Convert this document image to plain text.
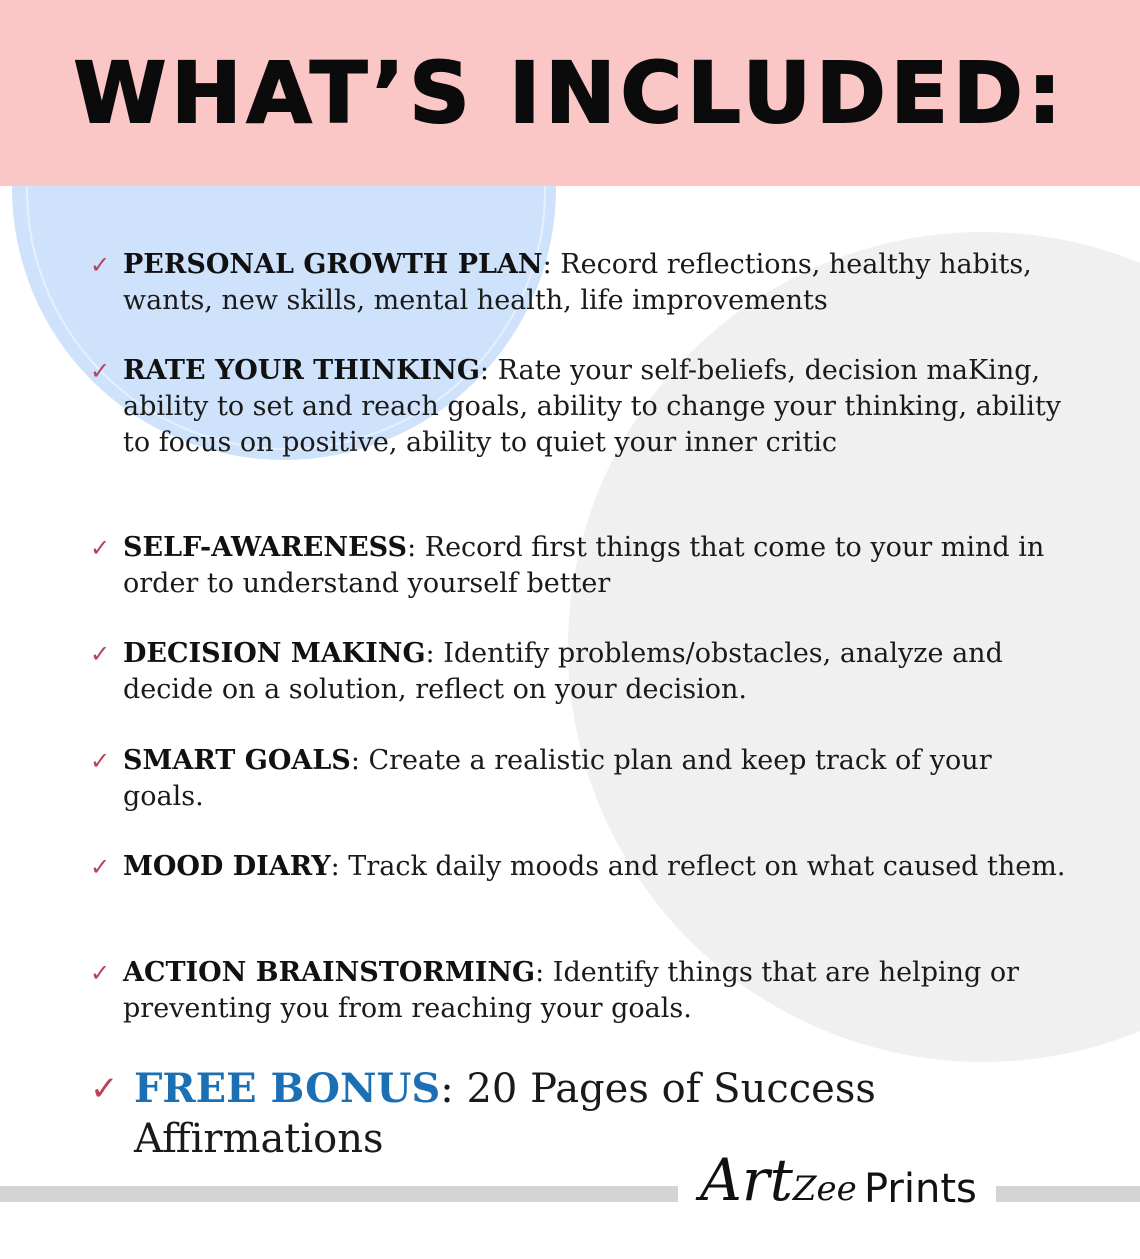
WHAT’S INCLUDED:
✓ PERSONAL GROWTH PLAN: Record reflections, healthy habits, wants, new skills, mental health, life improvements
✓ RATE YOUR THINKING: Rate your self-beliefs, decision maKing, ability to set and reach goals, ability to change your thinking, ability to focus on positive, ability to quiet your inner critic
✓ SELF-AWARENESS: Record first things that come to your mind in order to understand yourself better
✓ DECISION MAKING: Identify problems/obstacles, analyze and decide on a solution, reflect on your decision.
✓ SMART GOALS: Create a realistic plan and keep track of your goals.
✓ MOOD DIARY: Track daily moods and reflect on what caused them.
✓ ACTION BRAINSTORMING: Identify things that are helping or preventing you from reaching your goals.
✓ FREE BONUS: 20 Pages of Success Affirmations
ArtZee Prints
